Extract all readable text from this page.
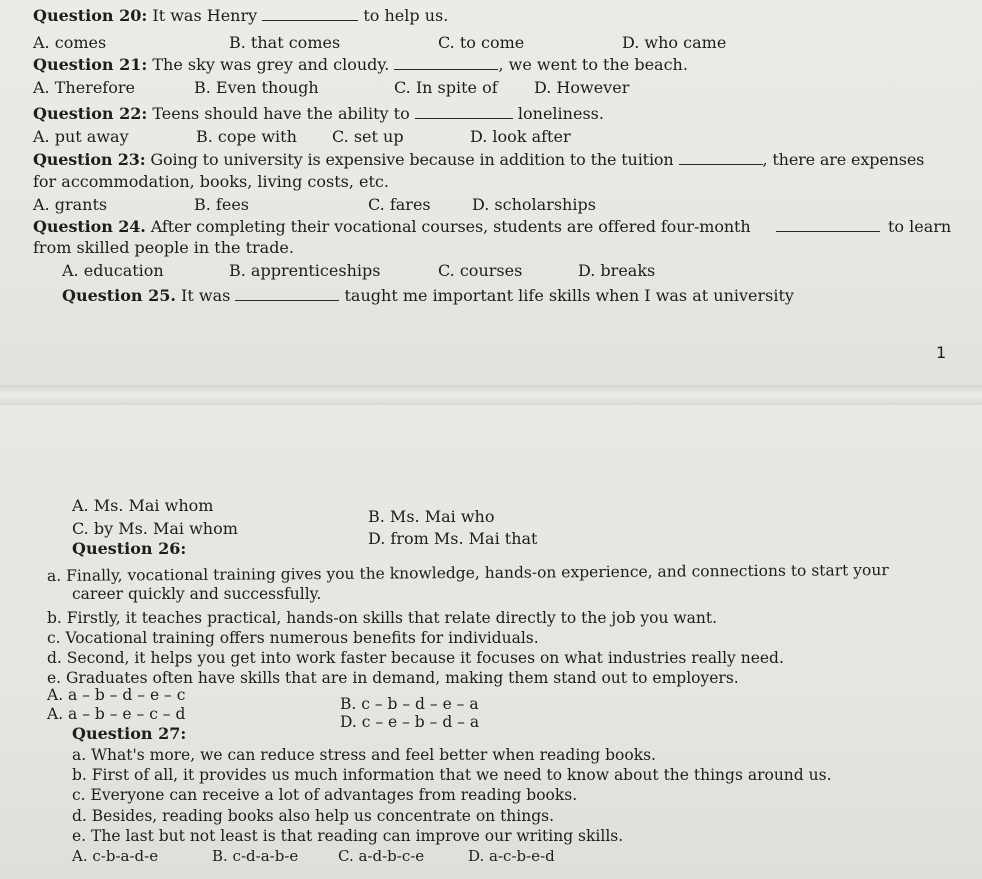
Question 20: It was Henry	to help us.
A. comes	B. that comes	C. to come	D. who came
Question 21: The sky was grey and cloudy.	, we went to the beach.
A. Therefore	B. Even though	C. In spite of D. However
Question 22: Teens should have the ability to	loneliness.
A. put away	B. cope with C. set up	D. look after
Question 23: Going to university is expensive because in addition to the tuition	, there are expenses
for accommodation, books, living costs, etc.
A. grants	B. fees	C. fares	D. scholarships
Question 24. After completing their vocational courses, students are offered four-month	to learn
from skilled people in the trade.
A. education	B. apprenticeships	C. courses	D. breaks
Question 25. It was	taught me important life skills when I was at university
1
A. Ms. Mai whom
B. Ms. Mai who
C. by Ms. Mai whom
D. from Ms. Mai that
Question 26:
a. Finally, vocational training gives you the knowledge, hands-on experience, and connections to start your
career quickly and successfully.
b. Firstly, it teaches practical, hands-on skills that relate directly to the job you want.
c. Vocational training offers numerous benefits for individuals.
d. Second, it helps you get into work faster because it focuses on what industries really need.
e. Graduates often have skills that are in demand, making them stand out to employers.
A. a – b – d – e – c	B. c – b – d – e – a
A. a – b – e – c – d	D. c – e – b – d – a
Question 27:
a. What's more, we can reduce stress and feel better when reading books.
b. First of all, it provides us much information that we need to know about the things around us.
c. Everyone can receive a lot of advantages from reading books.
d. Besides, reading books also help us concentrate on things.
e. The last but not least is that reading can improve our writing skills.
A. c-b-a-d-e	B. c-d-a-b-e	C. a-d-b-c-e	D. a-c-b-e-d
